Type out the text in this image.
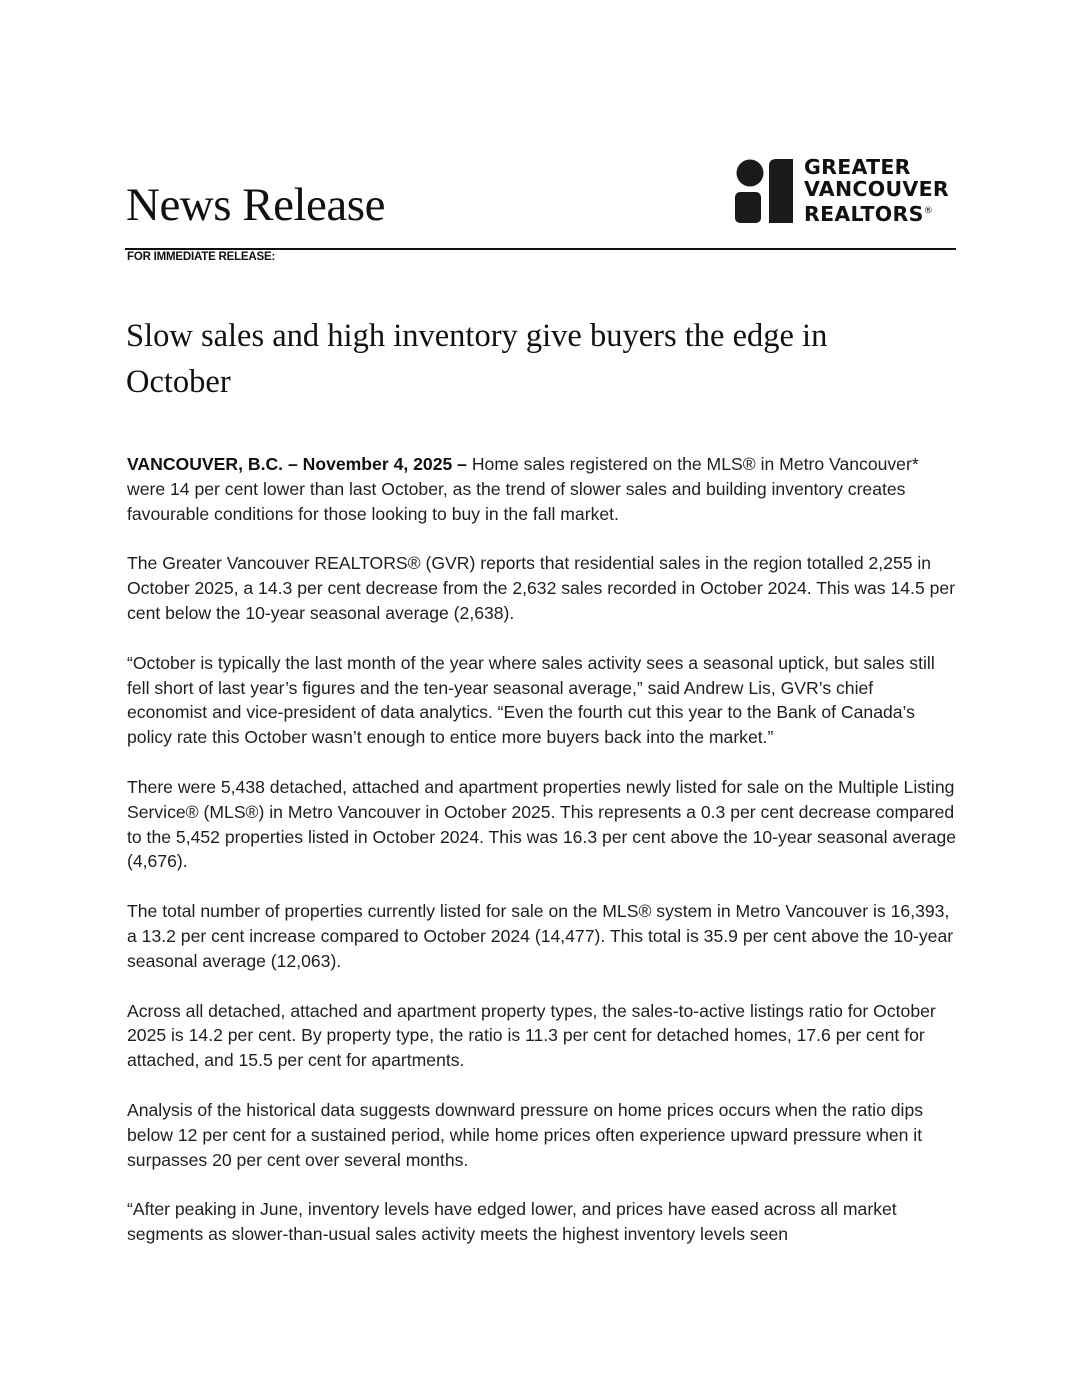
News Release
GREATER
VANCOUVER
REALTORS®
FOR IMMEDIATE RELEASE:
Slow sales and high inventory give buyers the edge in October

VANCOUVER, B.C. – November 4, 2025 – Home sales registered on the MLS® in Metro Vancouver* were 14 per cent lower than last October, as the trend of slower sales and building inventory creates favourable conditions for those looking to buy in the fall market.

The Greater Vancouver REALTORS® (GVR) reports that residential sales in the region totalled 2,255 in October 2025, a 14.3 per cent decrease from the 2,632 sales recorded in October 2024. This was 14.5 per cent below the 10-year seasonal average (2,638).

“October is typically the last month of the year where sales activity sees a seasonal uptick, but sales still fell short of last year’s figures and the ten-year seasonal average,” said Andrew Lis, GVR’s chief economist and vice-president of data analytics. “Even the fourth cut this year to the Bank of Canada’s policy rate this October wasn’t enough to entice more buyers back into the market.”

There were 5,438 detached, attached and apartment properties newly listed for sale on the Multiple Listing Service® (MLS®) in Metro Vancouver in October 2025. This represents a 0.3 per cent decrease compared to the 5,452 properties listed in October 2024. This was 16.3 per cent above the 10-year seasonal average (4,676).

The total number of properties currently listed for sale on the MLS® system in Metro Vancouver is 16,393, a 13.2 per cent increase compared to October 2024 (14,477). This total is 35.9 per cent above the 10-year seasonal average (12,063).

Across all detached, attached and apartment property types, the sales-to-active listings ratio for October 2025 is 14.2 per cent. By property type, the ratio is 11.3 per cent for detached homes, 17.6 per cent for attached, and 15.5 per cent for apartments.

Analysis of the historical data suggests downward pressure on home prices occurs when the ratio dips below 12 per cent for a sustained period, while home prices often experience upward pressure when it surpasses 20 per cent over several months.

“After peaking in June, inventory levels have edged lower, and prices have eased across all market segments as slower-than-usual sales activity meets the highest inventory levels seen
